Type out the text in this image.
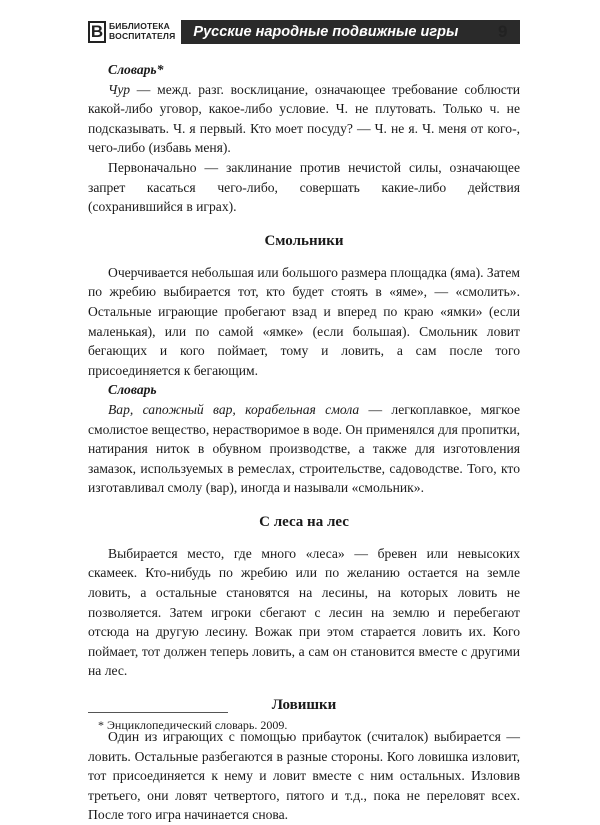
В БИБЛИОТЕКА
ВОСПИТАТЕЛЯ	Русские народные подвижные игры	9
Словарь*

Чур — межд. разг. восклицание, означающее требование соблюсти какой-либо уговор, какое-либо условие. Ч. не плутовать. Только ч. не подсказывать. Ч. я первый. Кто моет посуду? — Ч. не я. Ч. меня от кого-, чего-либо (избавь меня).

Первоначально — заклинание против нечистой силы, означающее запрет касаться чего-либо, совершать какие-либо действия (сохранившийся в играх).

Смольники

Очерчивается небольшая или большого размера площадка (яма). Затем по жребию выбирается тот, кто будет стоять в «яме», — «смолить». Остальные играющие пробегают взад и вперед по краю «ямки» (если маленькая), или по самой «ямке» (если большая). Смольник ловит бегающих и кого поймает, тому и ловить, а сам после того присоединяется к бегающим.

Словарь

Вар, сапожный вар, корабельная смола — легкоплавкое, мягкое смолистое вещество, нерастворимое в воде. Он применялся для пропитки, натирания ниток в обувном производстве, а также для изготовления замазок, используемых в ремеслах, строительстве, садоводстве. Того, кто изготавливал смолу (вар), иногда и называли «смольник».

С леса на лес

Выбирается место, где много «леса» — бревен или невысоких скамеек. Кто-нибудь по жребию или по желанию остается на земле ловить, а остальные становятся на лесины, на которых ловить не позволяется. Затем игроки сбегают с лесин на землю и перебегают отсюда на другую лесину. Вожак при этом старается ловить их. Кого поймает, тот должен теперь ловить, а сам он становится вместе с другими на лес.

Ловишки

Один из играющих с помощью прибауток (считалок) выбирается — ловить. Остальные разбегаются в разные стороны. Кого ловишка изловит, тот присоединяется к нему и ловит вместе с ним остальных. Изловив третьего, они ловят четвертого, пятого и т.д., пока не переловят всех. После того игра начинается снова.

* Энциклопедический словарь. 2009.
